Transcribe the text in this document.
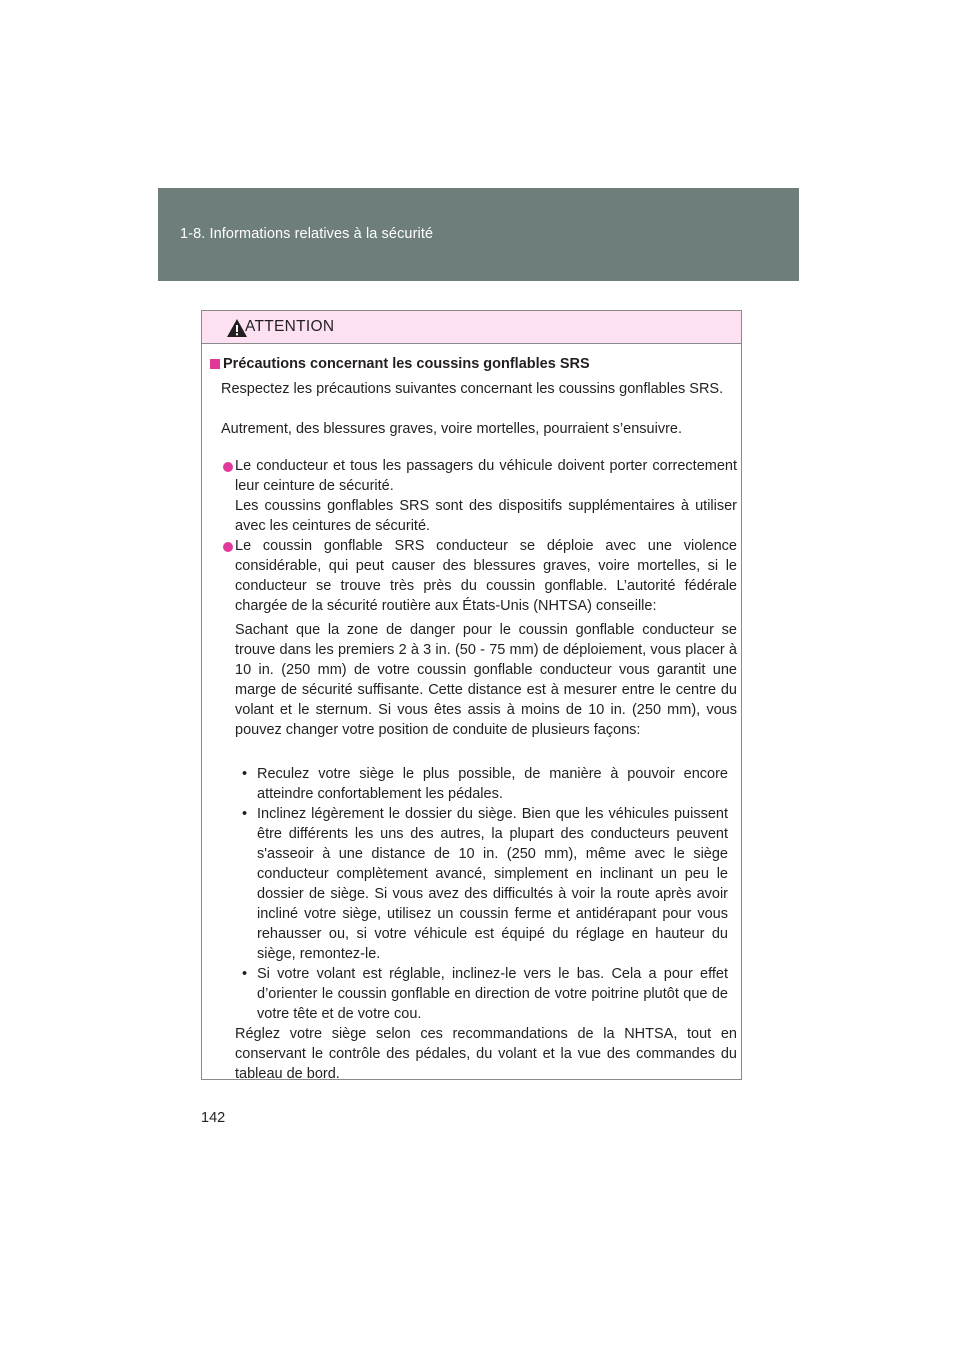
1-8. Informations relatives à la sécurité
ATTENTION
Précautions concernant les coussins gonflables SRS
Respectez les précautions suivantes concernant les coussins gonflables SRS.
Autrement, des blessures graves, voire mortelles, pourraient s’ensuivre.
Le conducteur et tous les passagers du véhicule doivent porter correctement leur ceinture de sécurité.
Les coussins gonflables SRS sont des dispositifs supplémentaires à utiliser avec les ceintures de sécurité.
Le coussin gonflable SRS conducteur se déploie avec une violence considérable, qui peut causer des blessures graves, voire mortelles, si le conducteur se trouve très près du coussin gonflable. L’autorité fédérale chargée de la sécurité routière aux États-Unis (NHTSA) conseille:
Sachant que la zone de danger pour le coussin gonflable conducteur se trouve dans les premiers 2 à 3 in. (50 - 75 mm) de déploiement, vous placer à 10 in. (250 mm) de votre coussin gonflable conducteur vous garantit une marge de sécurité suffisante. Cette distance est à mesurer entre le centre du volant et le sternum. Si vous êtes assis à moins de 10 in. (250 mm), vous pouvez changer votre position de conduite de plusieurs façons:
• Reculez votre siège le plus possible, de manière à pouvoir encore atteindre confortablement les pédales.
• Inclinez légèrement le dossier du siège. Bien que les véhicules puissent être différents les uns des autres, la plupart des conducteurs peuvent s'asseoir à une distance de 10 in. (250 mm), même avec le siège conducteur complètement avancé, simplement en inclinant un peu le dossier de siège. Si vous avez des difficultés à voir la route après avoir incliné votre siège, utilisez un coussin ferme et antidérapant pour vous rehausser ou, si votre véhicule est équipé du réglage en hauteur du siège, remontez-le.
• Si votre volant est réglable, inclinez-le vers le bas. Cela a pour effet d’orienter le coussin gonflable en direction de votre poitrine plutôt que de votre tête et de votre cou.
Réglez votre siège selon ces recommandations de la NHTSA, tout en conservant le contrôle des pédales, du volant et la vue des commandes du tableau de bord.
142
